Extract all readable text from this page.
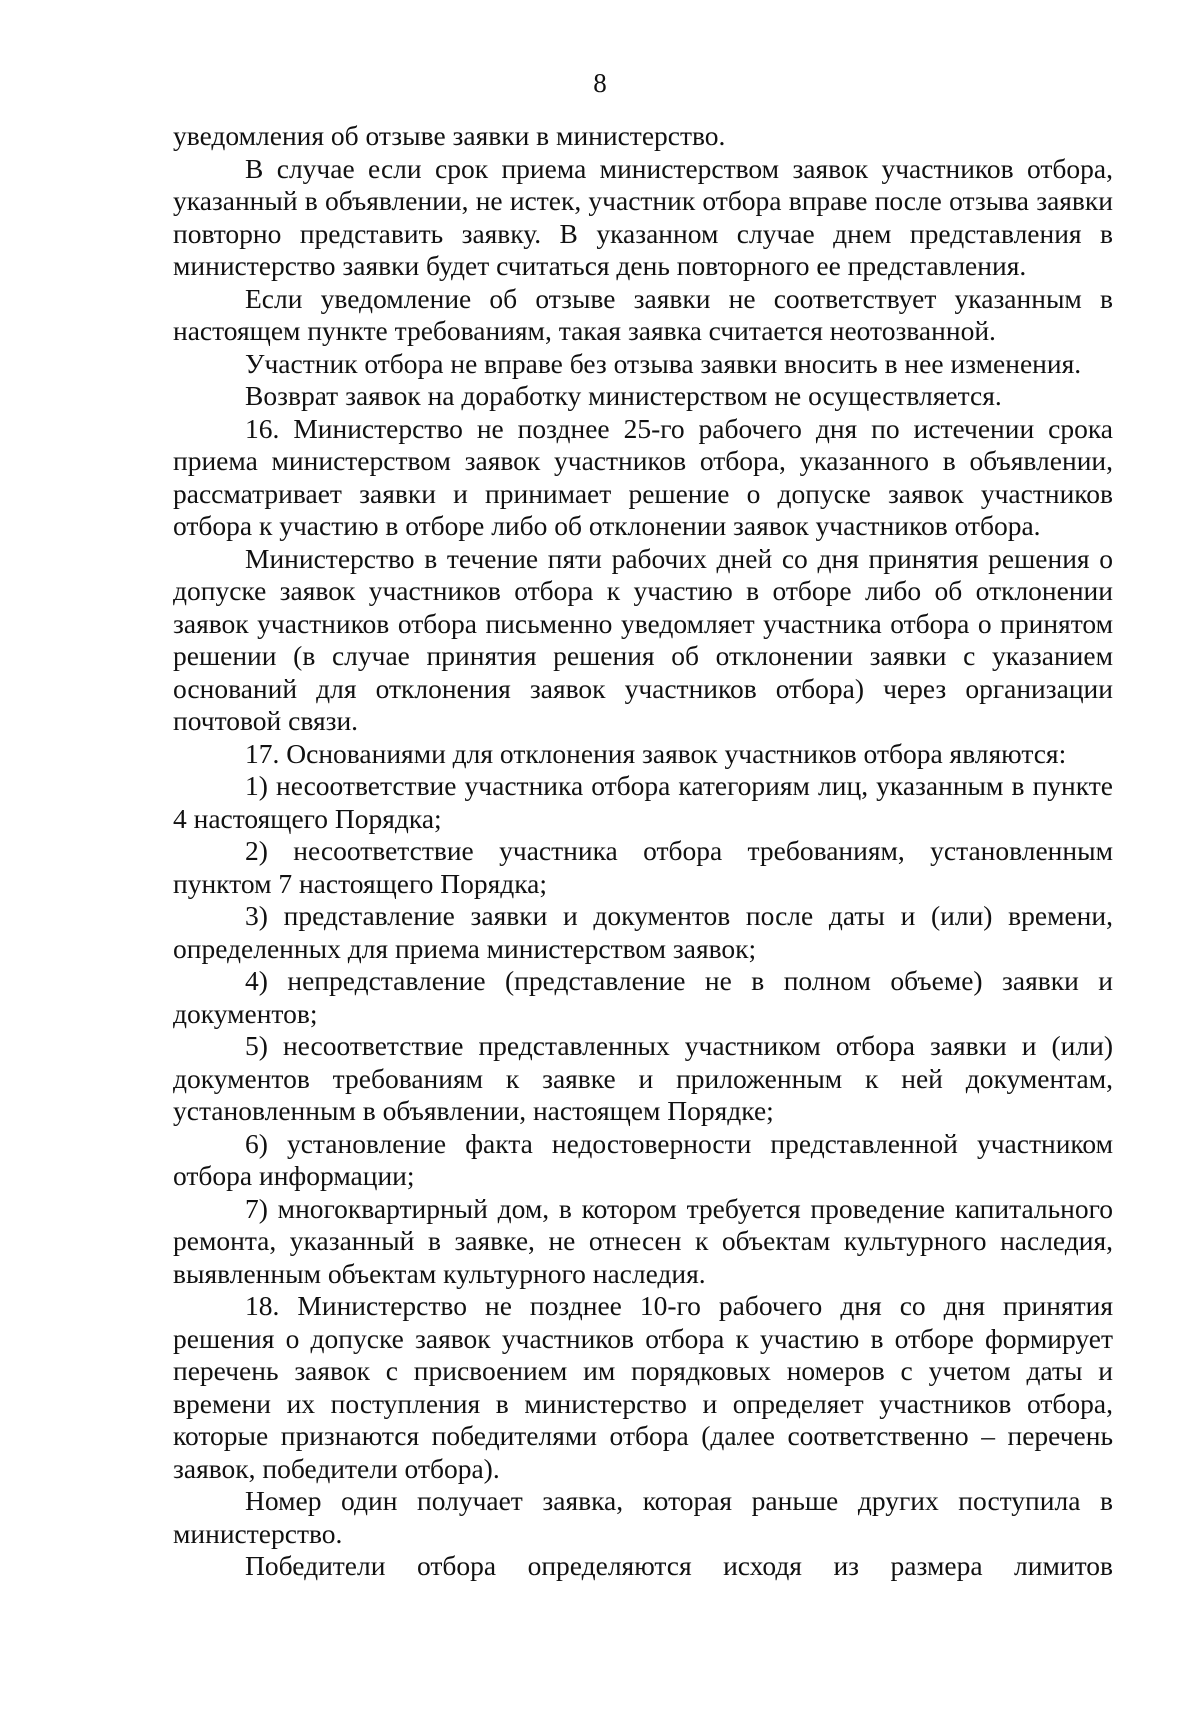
8

уведомления об отзыве заявки в министерство.

В случае если срок приема министерством заявок участников отбора, указанный в объявлении, не истек, участник отбора вправе после отзыва заявки повторно представить заявку. В указанном случае днем представления в министерство заявки будет считаться день повторного ее представления.

Если уведомление об отзыве заявки не соответствует указанным в настоящем пункте требованиям, такая заявка считается неотозванной.

Участник отбора не вправе без отзыва заявки вносить в нее изменения.

Возврат заявок на доработку министерством не осуществляется.

16. Министерство не позднее 25-го рабочего дня по истечении срока приема министерством заявок участников отбора, указанного в объявлении, рассматривает заявки и принимает решение о допуске заявок участников отбора к участию в отборе либо об отклонении заявок участников отбора.

Министерство в течение пяти рабочих дней со дня принятия решения о допуске заявок участников отбора к участию в отборе либо об отклонении заявок участников отбора письменно уведомляет участника отбора о принятом решении (в случае принятия решения об отклонении заявки с указанием оснований для отклонения заявок участников отбора) через организации почтовой связи.

17. Основаниями для отклонения заявок участников отбора являются:

1) несоответствие участника отбора категориям лиц, указанным в пункте 4 настоящего Порядка;

2) несоответствие участника отбора требованиям, установленным пунктом 7 настоящего Порядка;

3) представление заявки и документов после даты и (или) времени, определенных для приема министерством заявок;

4) непредставление (представление не в полном объеме) заявки и документов;

5) несоответствие представленных участником отбора заявки и (или) документов требованиям к заявке и приложенным к ней документам, установленным в объявлении, настоящем Порядке;

6) установление факта недостоверности представленной участником отбора информации;

7) многоквартирный дом, в котором требуется проведение капитального ремонта, указанный в заявке, не отнесен к объектам культурного наследия, выявленным объектам культурного наследия.

18. Министерство не позднее 10-го рабочего дня со дня принятия решения о допуске заявок участников отбора к участию в отборе формирует перечень заявок с присвоением им порядковых номеров с учетом даты и времени их поступления в министерство и определяет участников отбора, которые признаются победителями отбора (далее соответственно – перечень заявок, победители отбора).

Номер один получает заявка, которая раньше других поступила в министерство.

Победители отбора определяются исходя из размера лимитов
